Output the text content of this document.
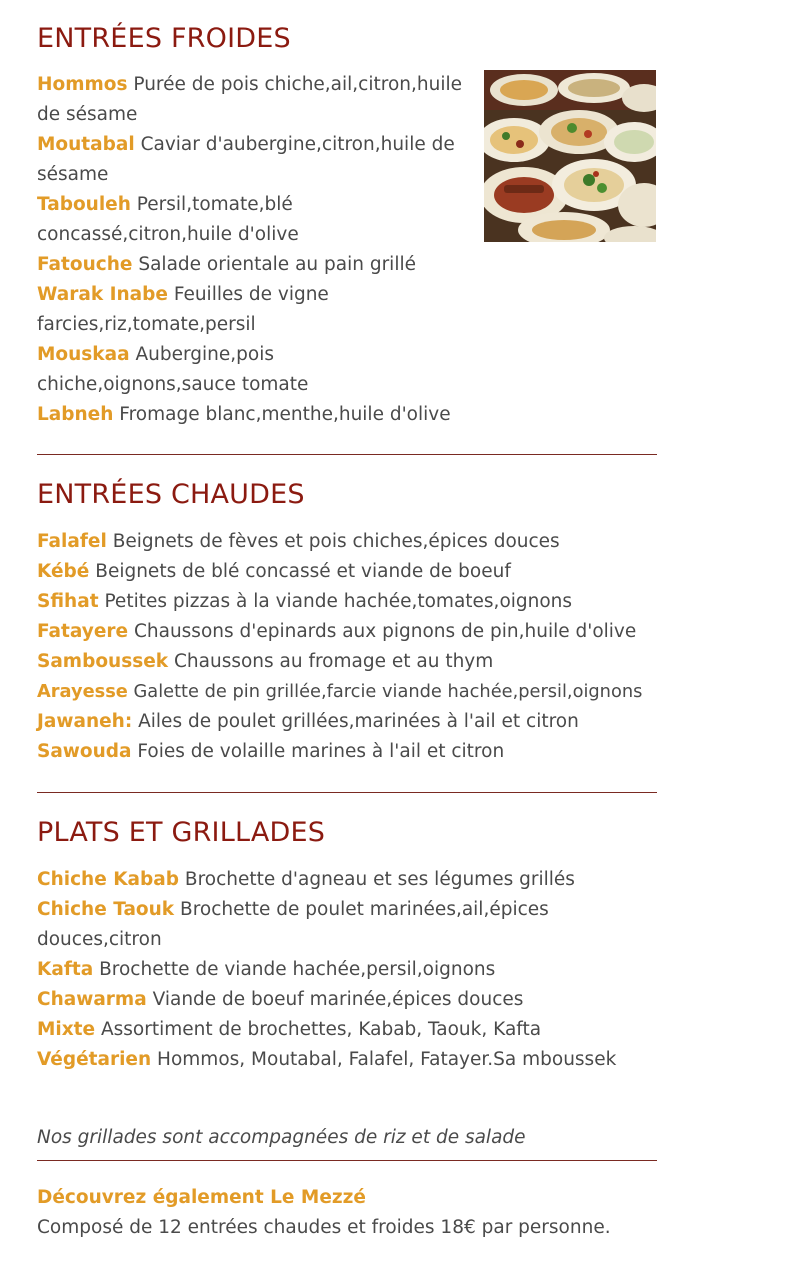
ENTRÉES FROIDES

Hommos Purée de pois chiche,ail,citron,huile de sésame

Moutabal Caviar d'aubergine,citron,huile de sésame

Tabouleh Persil,tomate,blé concassé,citron,huile d'olive

Fatouche Salade orientale au pain grillé

Warak Inabe Feuilles de vigne farcies,riz,tomate,persil

Mouskaa Aubergine,pois chiche,oignons,sauce tomate

Labneh Fromage blanc,menthe,huile d'olive

ENTRÉES CHAUDES

Falafel Beignets de fèves et pois chiches,épices douces

Kébé Beignets de blé concassé et viande de boeuf

Sfihat Petites pizzas à la viande hachée,tomates,oignons

Fatayere Chaussons d'epinards aux pignons de pin,huile d'olive

Samboussek Chaussons au fromage et au thym

Arayesse Galette de pin grillée,farcie viande hachée,persil,oignons

Jawaneh: Ailes de poulet grillées,marinées à l'ail et citron

Sawouda Foies de volaille marines à l'ail et citron

PLATS ET GRILLADES

Chiche Kabab Brochette d'agneau et ses légumes grillés

Chiche Taouk Brochette de poulet marinées,ail,épices douces,citron

Kafta Brochette de viande hachée,persil,oignons

Chawarma Viande de boeuf marinée,épices douces

Mixte Assortiment de brochettes, Kabab, Taouk, Kafta

Végétarien Hommos, Moutabal, Falafel, Fatayer.Sa mboussek

Nos grillades sont accompagnées de riz et de salade

Découvrez également Le Mezzé
Composé de 12 entrées chaudes et froides 18€ par personne.
